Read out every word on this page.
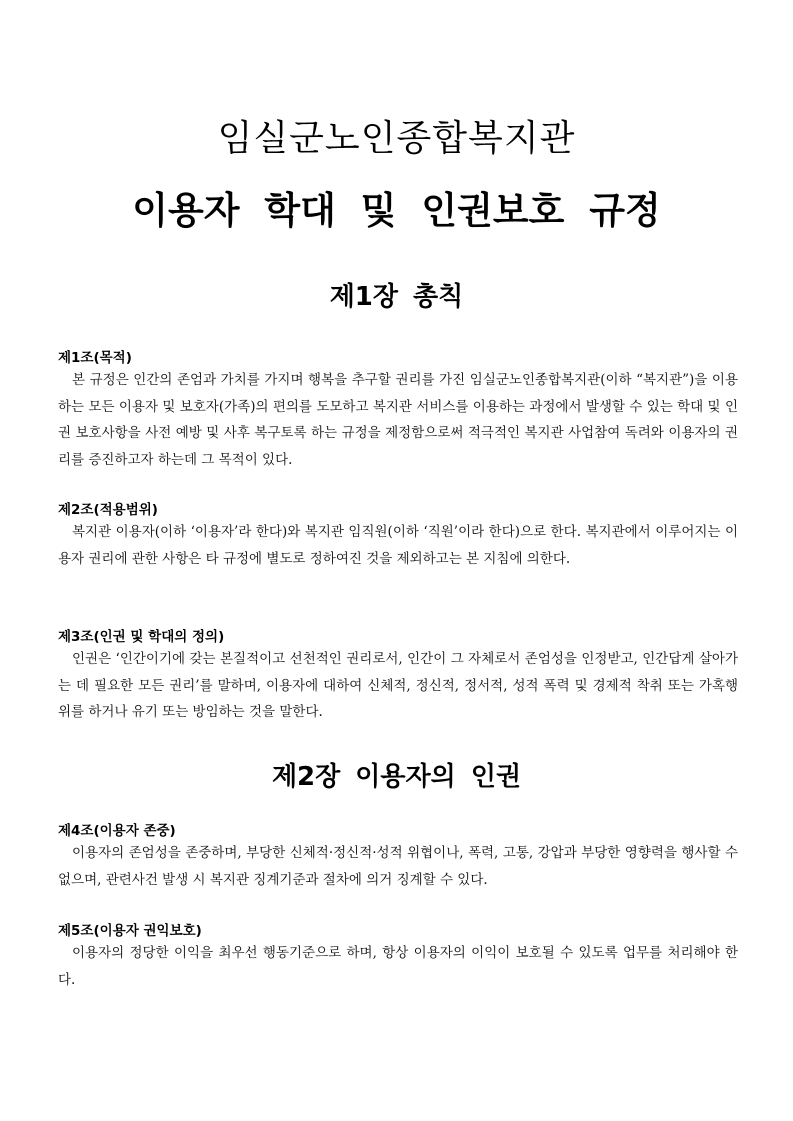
임실군노인종합복지관
이용자 학대 및 인권보호 규정
제1장 총칙
제1조(목적)

본 규정은 인간의 존엄과 가치를 가지며 행복을 추구할 권리를 가진 임실군노인종합복지관(이하 “복지관”)을 이용하는 모든 이용자 및 보호자(가족)의 편의를 도모하고 복지관 서비스를 이용하는 과정에서 발생할 수 있는 학대 및 인권 보호사항을 사전 예방 및 사후 복구토록 하는 규정을 제정함으로써 적극적인 복지관 사업참여 독려와 이용자의 권리를 증진하고자 하는데 그 목적이 있다.

제2조(적용범위)

복지관 이용자(이하 ‘이용자’라 한다)와 복지관 임직원(이하 ‘직원’이라 한다)으로 한다. 복지관에서 이루어지는 이용자 권리에 관한 사항은 타 규정에 별도로 정하여진 것을 제외하고는 본 지침에 의한다.

제3조(인권 및 학대의 정의)

인권은 ‘인간이기에 갖는 본질적이고 선천적인 권리로서, 인간이 그 자체로서 존엄성을 인정받고, 인간답게 살아가는 데 필요한 모든 권리’를 말하며, 이용자에 대하여 신체적, 정신적, 정서적, 성적 폭력 및 경제적 착취 또는 가혹행위를 하거나 유기 또는 방임하는 것을 말한다.

제2장 이용자의 인권
제4조(이용자 존중)

이용자의 존엄성을 존중하며, 부당한 신체적·정신적·성적 위협이나, 폭력, 고통, 강압과 부당한 영향력을 행사할 수 없으며, 관련사건 발생 시 복지관 징계기준과 절차에 의거 징계할 수 있다.

제5조(이용자 권익보호)

이용자의 정당한 이익을 최우선 행동기준으로 하며, 항상 이용자의 이익이 보호될 수 있도록 업무를 처리해야 한다.
